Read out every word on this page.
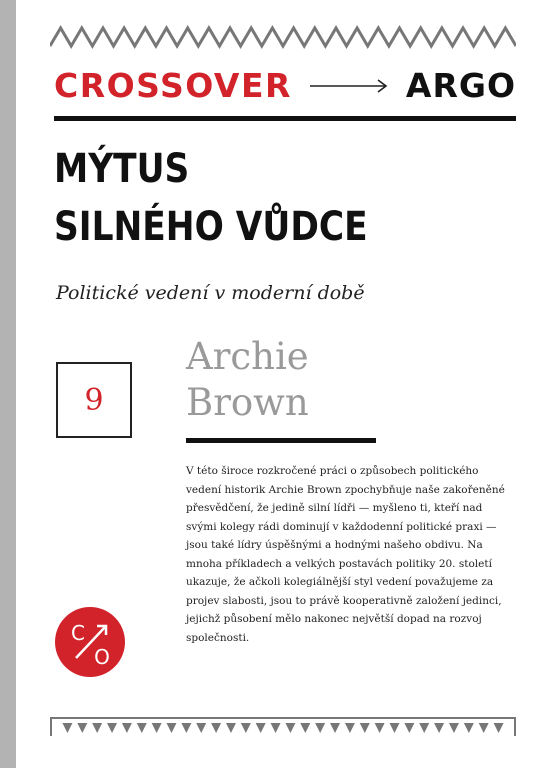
CROSSOVER	ARGO
MÝTUS
SILNÉHO VŮDCE
Politické vedení v moderní době
9
Archie
Brown

V této široce rozkročené práci o způsobech politického vedení historik Archie Brown zpochybňuje naše zakořeněné přesvědčení, že jedině silní lídři — myšleno ti, kteří nad svými kolegy rádi dominují v každodenní politické praxi — jsou také lídry úspěšnými a hodnými našeho obdivu. Na mnoha příkladech a velkých postavách politiky 20. století ukazuje, že ačkoli kolegiálnější styl vedení považujeme za projev slabosti, jsou to právě kooperativně založení jedinci, jejichž působení mělo nakonec největší dopad na rozvoj společnosti.

C
O
